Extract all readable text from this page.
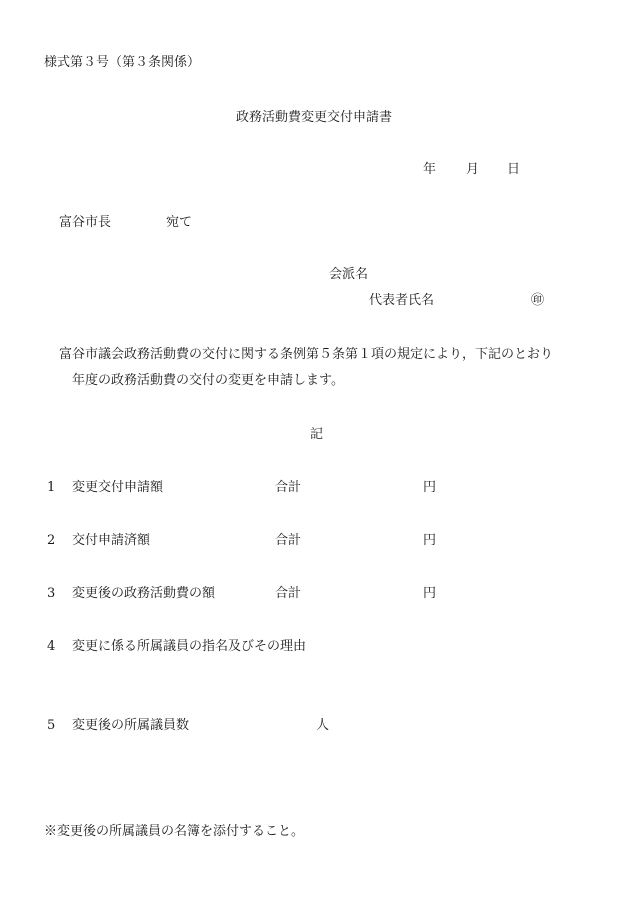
様式第３号（第３条関係）
政務活動費変更交付申請書
年 月 日
富谷市長	宛て
会派名
代表者氏名	㊞
富谷市議会政務活動費の交付に関する条例第５条第１項の規定により，下記のとおり
年度の政務活動費の交付の変更を申請します。
記
1 変更交付申請額	合計	円
2 交付申請済額	合計	円
3 変更後の政務活動費の額	合計	円
4 変更に係る所属議員の指名及びその理由
5 変更後の所属議員数	人
※変更後の所属議員の名簿を添付すること。
